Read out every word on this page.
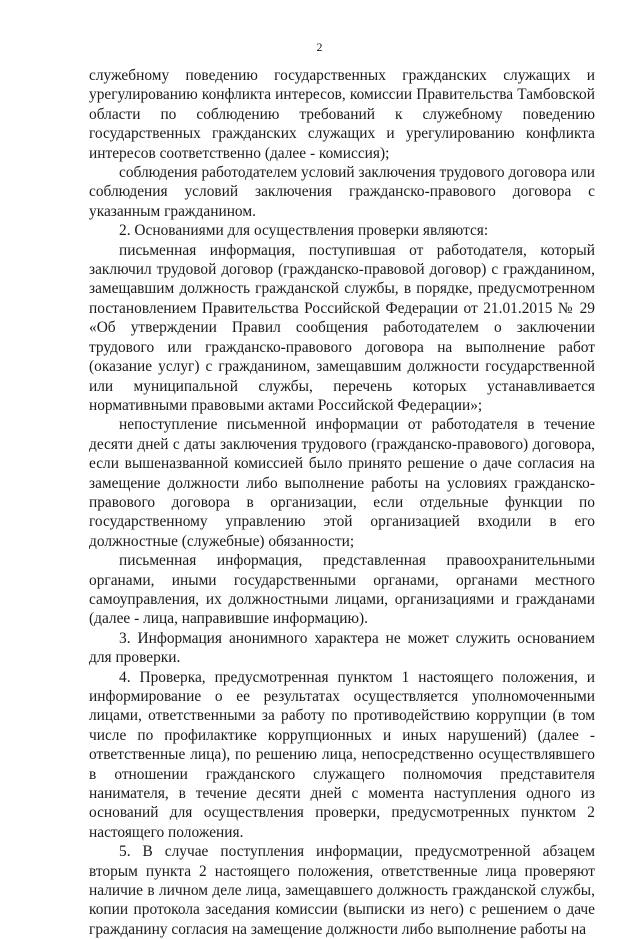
2

служебному поведению государственных гражданских служащих и урегулированию конфликта интересов, комиссии Правительства Тамбовской области по соблюдению требований к служебному поведению государственных гражданских служащих и урегулированию конфликта интересов соответственно (далее - комиссия);

соблюдения работодателем условий заключения трудового договора или соблюдения условий заключения гражданско-правового договора с указанным гражданином.

2. Основаниями для осуществления проверки являются:

письменная информация, поступившая от работодателя, который заключил трудовой договор (гражданско-правовой договор) с гражданином, замещавшим должность гражданской службы, в порядке, предусмотренном постановлением Правительства Российской Федерации от 21.01.2015 № 29 «Об утверждении Правил сообщения работодателем о заключении трудового или гражданско-правового договора на выполнение работ (оказание услуг) с гражданином, замещавшим должности государственной или муниципальной службы, перечень которых устанавливается нормативными правовыми актами Российской Федерации»;

непоступление письменной информации от работодателя в течение десяти дней с даты заключения трудового (гражданско-правового) договора, если вышеназванной комиссией было принято решение о даче согласия на замещение должности либо выполнение работы на условиях гражданско-правового договора в организации, если отдельные функции по государственному управлению этой организацией входили в его должностные (служебные) обязанности;

письменная информация, представленная правоохранительными органами, иными государственными органами, органами местного самоуправления, их должностными лицами, организациями и гражданами (далее - лица, направившие информацию).

3. Информация анонимного характера не может служить основанием для проверки.

4. Проверка, предусмотренная пунктом 1 настоящего положения, и информирование о ее результатах осуществляется уполномоченными лицами, ответственными за работу по противодействию коррупции (в том числе по профилактике коррупционных и иных нарушений) (далее - ответственные лица), по решению лица, непосредственно осуществлявшего в отношении гражданского служащего полномочия представителя нанимателя, в течение десяти дней с момента наступления одного из оснований для осуществления проверки, предусмотренных пунктом 2 настоящего положения.

5. В случае поступления информации, предусмотренной абзацем вторым пункта 2 настоящего положения, ответственные лица проверяют наличие в личном деле лица, замещавшего должность гражданской службы, копии протокола заседания комиссии (выписки из него) с решением о даче гражданину согласия на замещение должности либо выполнение работы на
